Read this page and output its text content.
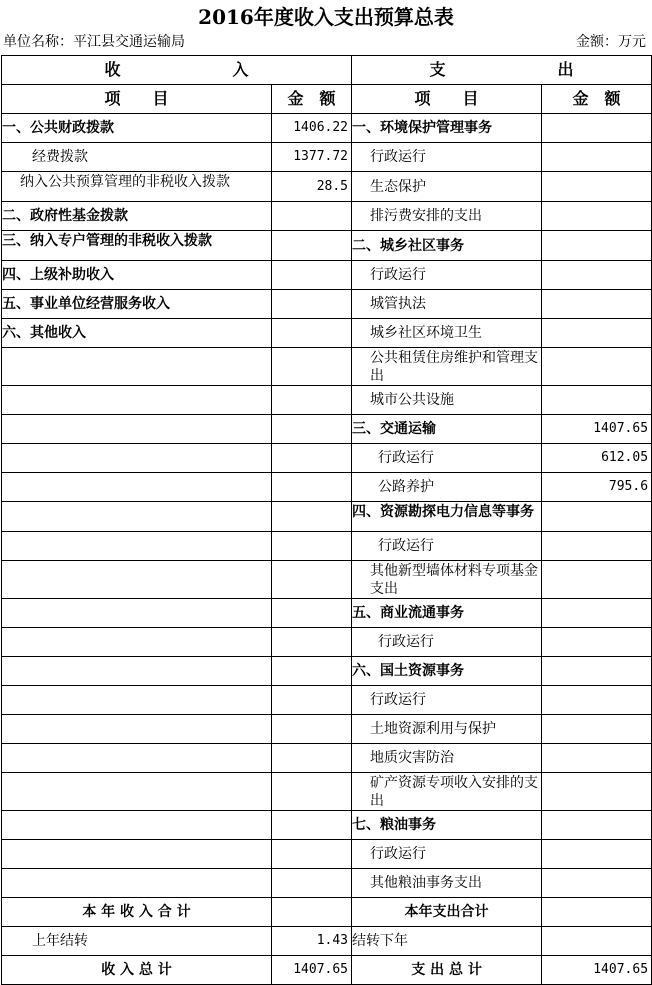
2016年度收入支出预算总表
单位名称：平江县交通运输局	金额：万元
收　　　　　　　入		支　　　　　　　出	
项　　目	金　额	项　　目	金　额
一、公共财政拨款	1406.22	一、环境保护管理事务	
经费拨款	1377.72	行政运行	
纳入公共预算管理的非税收入拨款	28.5	生态保护	
二、政府性基金拨款		排污费安排的支出	
三、纳入专户管理的非税收入拨款		二、城乡社区事务	
四、上级补助收入		行政运行	
五、事业单位经营服务收入		城管执法	
六、其他收入		城乡社区环境卫生	
		公共租赁住房维护和管理支出	
		城市公共设施	
		三、交通运输	1407.65
		行政运行	612.05
		公路养护	795.6
		四、资源勘探电力信息等事务	
		行政运行	
		其他新型墙体材料专项基金支出	
		五、商业流通事务	
		行政运行	
		六、国土资源事务	
		行政运行	
		土地资源利用与保护	
		地质灾害防治	
		矿产资源专项收入安排的支出	
		七、粮油事务	
		行政运行	
		其他粮油事务支出	
本 年 收 入 合 计		本年支出合计	
上年结转	1.43	结转下年	
收 入 总 计	1407.65	支 出 总 计	1407.65
